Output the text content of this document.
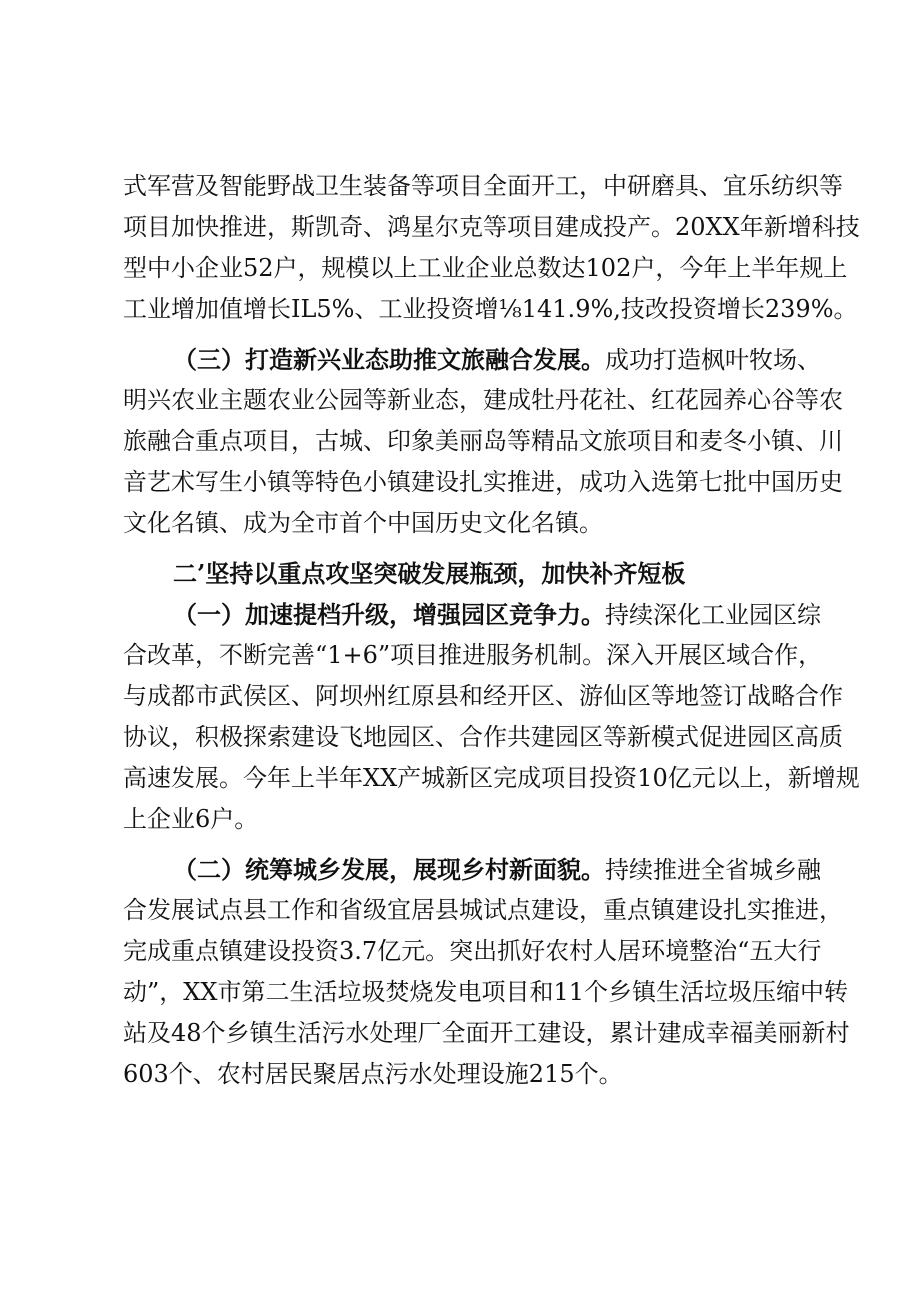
式军营及智能野战卫生装备等项目全面开工，中研磨具、宜乐纺织等
项目加快推进，斯凯奇、鸿星尔克等项目建成投产。20XX年新增科技
型中小企业52户，规模以上工业企业总数达102户，今年上半年规上
工业增加值增长IL5%、工业投资增⅛141.9%,技改投资增长239%。
（三）打造新兴业态助推文旅融合发展。成功打造枫叶牧场、
明兴农业主题农业公园等新业态，建成牡丹花社、红花园养心谷等农
旅融合重点项目，古城、印象美丽岛等精品文旅项目和麦冬小镇、川
音艺术写生小镇等特色小镇建设扎实推进，成功入选第七批中国历史
文化名镇、成为全市首个中国历史文化名镇。
二’坚持以重点攻坚突破发展瓶颈，加快补齐短板
（一）加速提档升级，增强园区竞争力。持续深化工业园区综
合改革，不断完善“1+6”项目推进服务机制。深入开展区域合作，
与成都市武侯区、阿坝州红原县和经开区、游仙区等地签订战略合作
协议，积极探索建设飞地园区、合作共建园区等新模式促进园区高质
高速发展。今年上半年XX产城新区完成项目投资10亿元以上，新增规
上企业6户。
（二）统筹城乡发展，展现乡村新面貌。持续推进全省城乡融
合发展试点县工作和省级宜居县城试点建设，重点镇建设扎实推进，
完成重点镇建设投资3.7亿元。突出抓好农村人居环境整治“五大行
动”，XX市第二生活垃圾焚烧发电项目和11个乡镇生活垃圾压缩中转
站及48个乡镇生活污水处理厂全面开工建设，累计建成幸福美丽新村
603个、农村居民聚居点污水处理设施215个。
